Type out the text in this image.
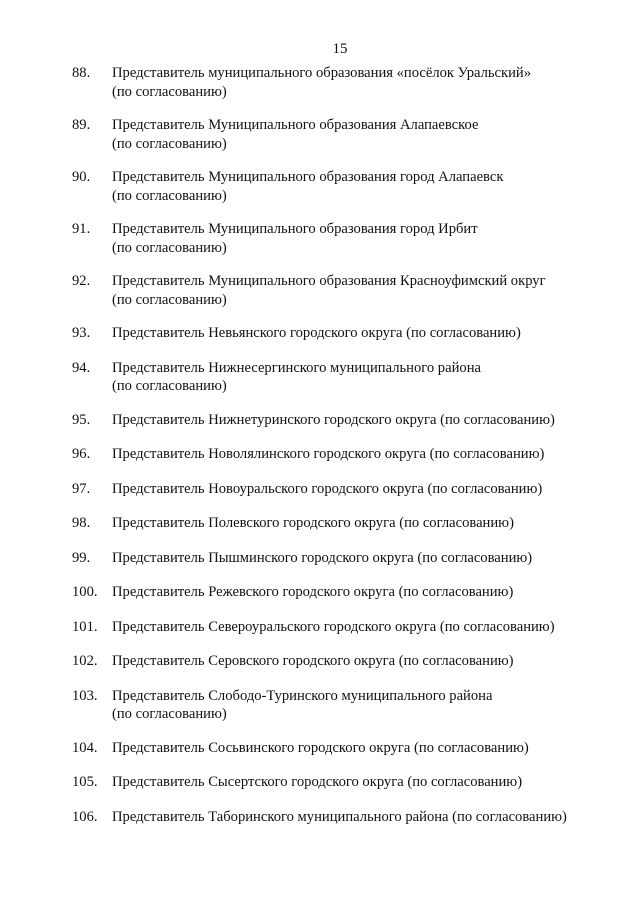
15
88.	Представитель муниципального образования «посёлок Уральский»
(по согласованию)
89.	Представитель Муниципального образования Алапаевское
(по согласованию)
90.	Представитель Муниципального образования город Алапаевск
(по согласованию)
91.	Представитель Муниципального образования город Ирбит
(по согласованию)
92.	Представитель Муниципального образования Красноуфимский округ
(по согласованию)
93.	Представитель Невьянского городского округа (по согласованию)
94.	Представитель Нижнесергинского муниципального района
(по согласованию)
95.	Представитель Нижнетуринского городского округа (по согласованию)
96.	Представитель Новолялинского городского округа (по согласованию)
97.	Представитель Новоуральского городского округа (по согласованию)
98.	Представитель Полевского городского округа (по согласованию)
99.	Представитель Пышминского городского округа (по согласованию)
100. Представитель Режевского городского округа (по согласованию)
101. Представитель Североуральского городского округа (по согласованию)
102. Представитель Серовского городского округа (по согласованию)
103. Представитель Слободо-Туринского муниципального района
(по согласованию)
104. Представитель Сосьвинского городского округа (по согласованию)
105. Представитель Сысертского городского округа (по согласованию)
106. Представитель Таборинского муниципального района (по согласованию)
